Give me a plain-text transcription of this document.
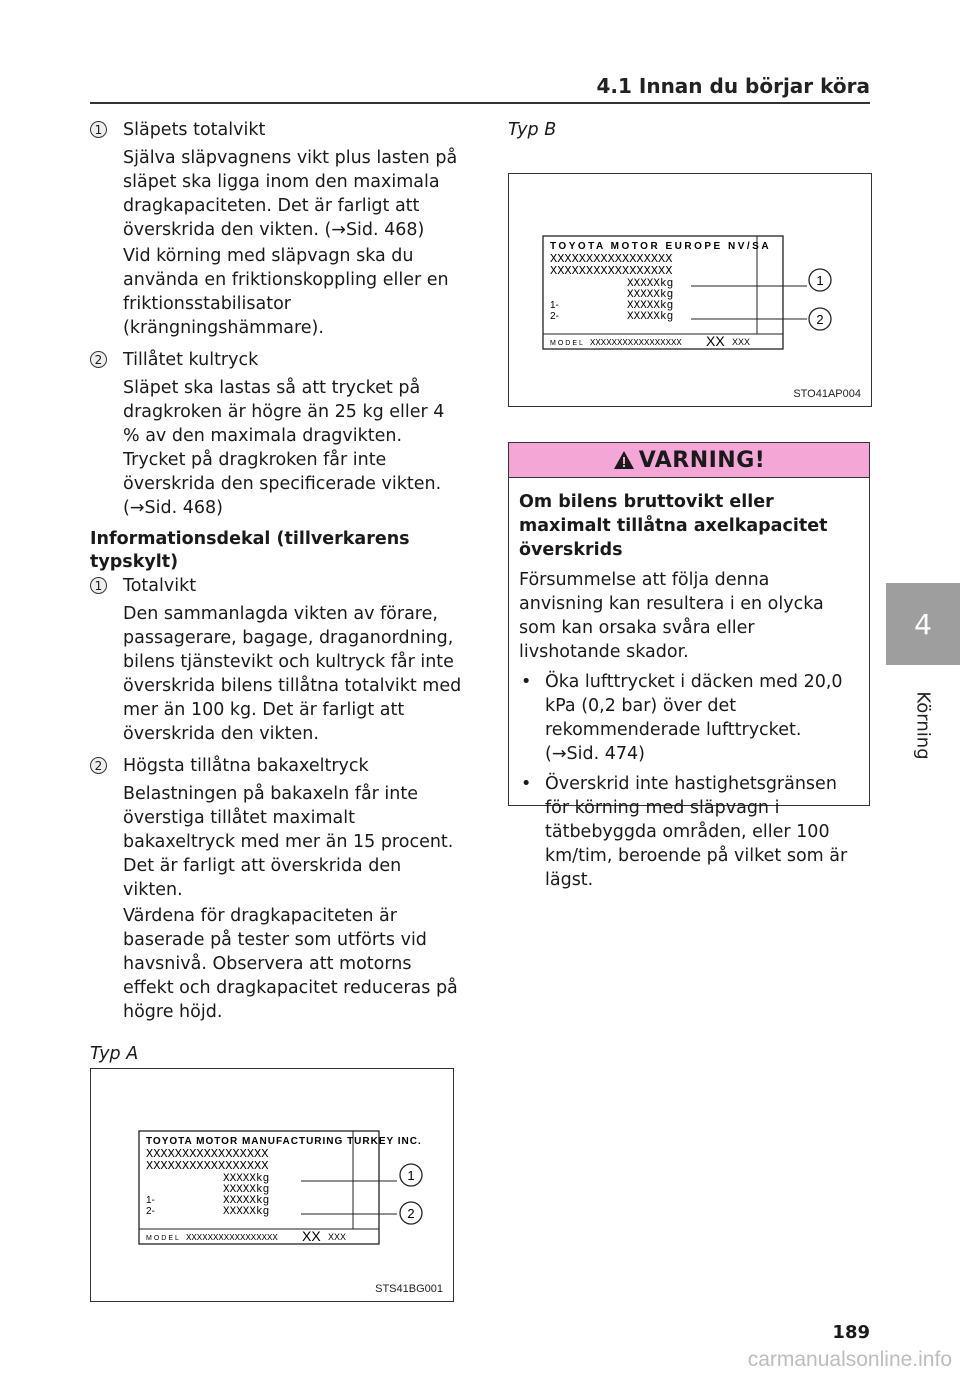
4.1 Innan du börjar köra
1 Släpets totalvikt

Själva släpvagnens vikt plus lasten på släpet ska ligga inom den maximala dragkapaciteten. Det är farligt att överskrida den vikten. (→Sid. 468)

Vid körning med släpvagn ska du använda en friktionskoppling eller en friktionsstabilisator (krängningshämmare).

2 Tillåtet kultryck

Släpet ska lastas så att trycket på dragkroken är högre än 25 kg eller 4 % av den maximala dragvikten. Trycket på dragkroken får inte överskrida den specificerade vikten. (→Sid. 468)

Informationsdekal (tillverkarens typskylt)

1 Totalvikt

Den sammanlagda vikten av förare, passagerare, bagage, draganordning, bilens tjänstevikt och kultryck får inte överskrida bilens tillåtna totalvikt med mer än 100 kg. Det är farligt att överskrida den vikten.

2 Högsta tillåtna bakaxeltryck

Belastningen på bakaxeln får inte överstiga tillåtet maximalt bakaxeltryck med mer än 15 procent. Det är farligt att överskrida den vikten.

Värdena för dragkapaciteten är baserade på tester som utförts vid havsnivå. Observera att motorns effekt och dragkapacitet reduceras på högre höjd.

Typ A

TOYOTA MOTOR MANUFACTURING TURKEY INC.
XXXXXXXXXXXXXXXXX
XXXXXXXXXXXXXXXXX
XXXXXkg
XXXXXkg
1-	XXXXXkg
2-	XXXXXkg
MODEL XXXXXXXXXXXXXXXXX XX XXX
1
2
STS41BG001

Typ B

TOYOTA MOTOR EUROPE NV/SA
XXXXXXXXXXXXXXXXX
XXXXXXXXXXXXXXXXX
XXXXXkg
XXXXXkg
1-	XXXXXkg
2-	XXXXXkg
MODEL XXXXXXXXXXXXXXXXX XX XXX
1
2
STO41AP004
VARNING!

Om bilens bruttovikt eller maximalt tillåtna axelkapacitet överskrids

Försummelse att följa denna anvisning kan resultera i en olycka som kan orsaka svåra eller livshotande skador.

• Öka lufttrycket i däcken med 20,0 kPa (0,2 bar) över det rekommenderade lufttrycket. (→Sid. 474)
• Överskrid inte hastighetsgränsen för körning med släpvagn i tätbebyggda områden, eller 100 km/tim, beroende på vilket som är lägst.
4
Körning
189
carmanualsonline.info
